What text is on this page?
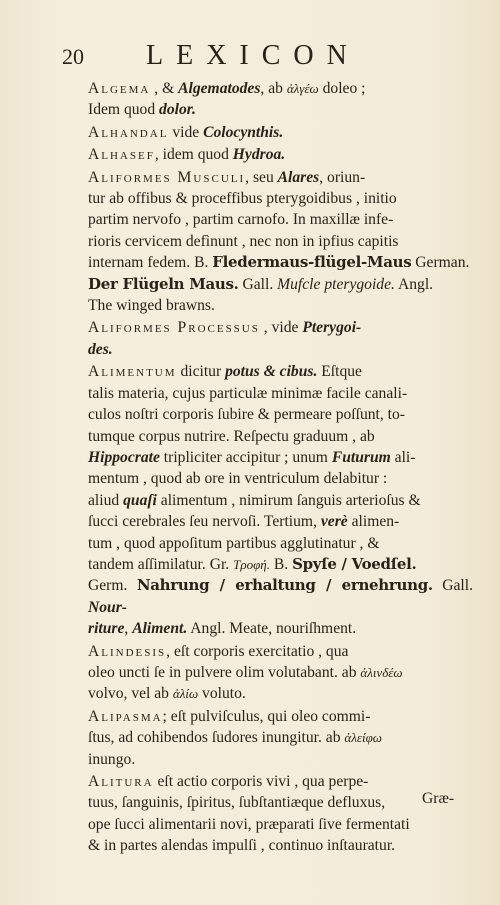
20 LEXICON

Algema , & Algematodes, ab ἀλγέω doleo ;
Idem quod dolor.

Alhandal vide Colocynthis.

Alhasef, idem quod Hydroa.

Aliformes Musculi, seu Alares, oriun-
tur ab offibus & proceffibus pterygoidibus , initio
partim nervofo , partim carnofo. In maxillæ infe-
rioris cervicem defìnunt , nec non in ipfius capitis
internam fedem. B. Fledermaus-flügel-Maus German.
Der Flügeln Maus. Gall. Mufcle pterygoide. Angl.
The winged brawns.

Aliformes Processus , vide Pterygoi-
des.

Alimentum dicitur potus & cibus. Eſtque
talis materia, cujus particulæ minimæ facile canali-
culos noſtri corporis ſubire & permeare poſſunt, to-
tumque corpus nutrire. Reſpectu graduum , ab
Hippocrate tripliciter accipitur ; unum Futurum ali-
mentum , quod ab ore in ventriculum delabitur :
aliud quaſi alimentum , nimirum ſanguis arterioſus &
ſucci cerebrales ſeu nervoſi. Tertium, verè alimen-
tum , quod appoſitum partibus agglutinatur , &
tandem aſſimilatur. Gr. Τροφή. B. Spyſe / Voedſel.
Germ. Nahrung / erhaltung / ernehrung. Gall. Nour-
riture, Aliment. Angl. Meate, nouriſhment.

Alindesis, eſt corporis exercitatio , qua
oleo uncti ſe in pulvere olim volutabant. ab ἀλινδέω
volvo, vel ab ἀλίω voluto.

Alipasma; eſt pulviſculus, qui oleo commi-
ſtus, ad cohibendos ſudores inungitur. ab ἀλείφω
inungo.

Alitura eſt actio corporis vivi , qua perpe-
tuus, ſanguinis, ſpiritus, ſubſtantiæque defluxus,
ope ſucci alimentarii novi, præparati ſive fermentati
& in partes alendas impulſi , continuo inſtauratur.

Græ-
